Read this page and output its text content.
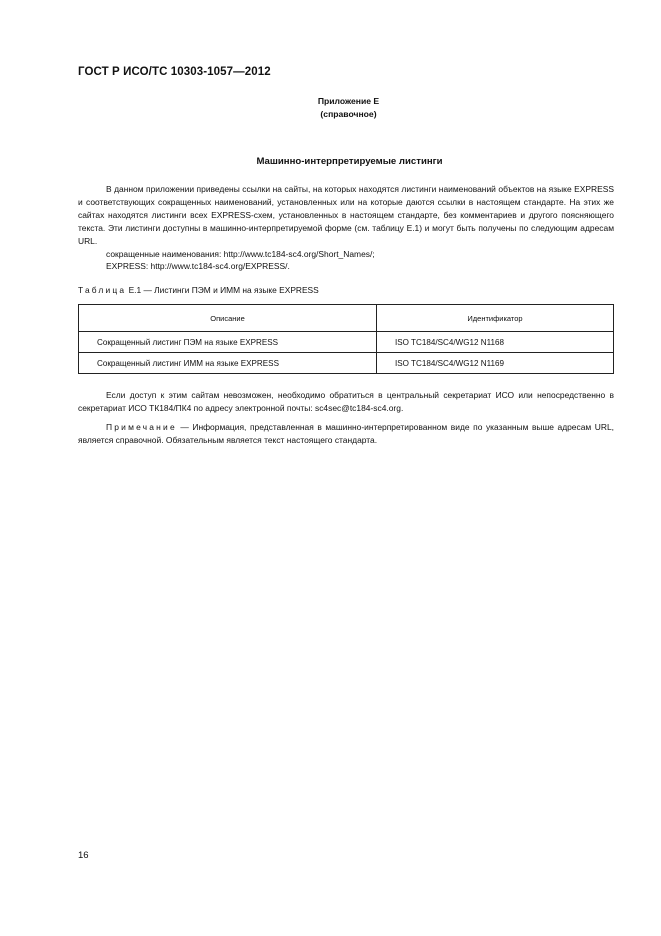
ГОСТ Р ИСО/ТС 10303-1057—2012
Приложение Е
(справочное)
Машинно-интерпретируемые листинги

В данном приложении приведены ссылки на сайты, на которых находятся листинги наименований объектов на языке EXPRESS и соответствующих сокращенных наименований, установленных или на которые даются ссылки в настоящем стандарте. На этих же сайтах находятся листинги всех EXPRESS-схем, установленных в настоящем стандарте, без комментариев и другого поясняющего текста. Эти листинги доступны в машинно-интерпретируемой форме (см. таблицу Е.1) и могут быть получены по следующим адресам URL.

сокращенные наименования: http://www.tc184-sc4.org/Short_Names/;

EXPRESS: http://www.tc184-sc4.org/EXPRESS/.

Таблица Е.1 — Листинги ПЭМ и ИММ на языке EXPRESS
Описание	Идентификатор
Сокращенный листинг ПЭМ на языке EXPRESS	ISO TC184/SC4/WG12 N1168
Сокращенный листинг ИММ на языке EXPRESS	ISO TC184/SC4/WG12 N1169

Если доступ к этим сайтам невозможен, необходимо обратиться в центральный секретариат ИСО или непосредственно в секретариат ИСО ТК184/ПК4 по адресу электронной почты: sc4sec@tc184-sc4.org.

Примечание — Информация, представленная в машинно-интерпретированном виде по указанным выше адресам URL, является справочной. Обязательным является текст настоящего стандарта.

16
